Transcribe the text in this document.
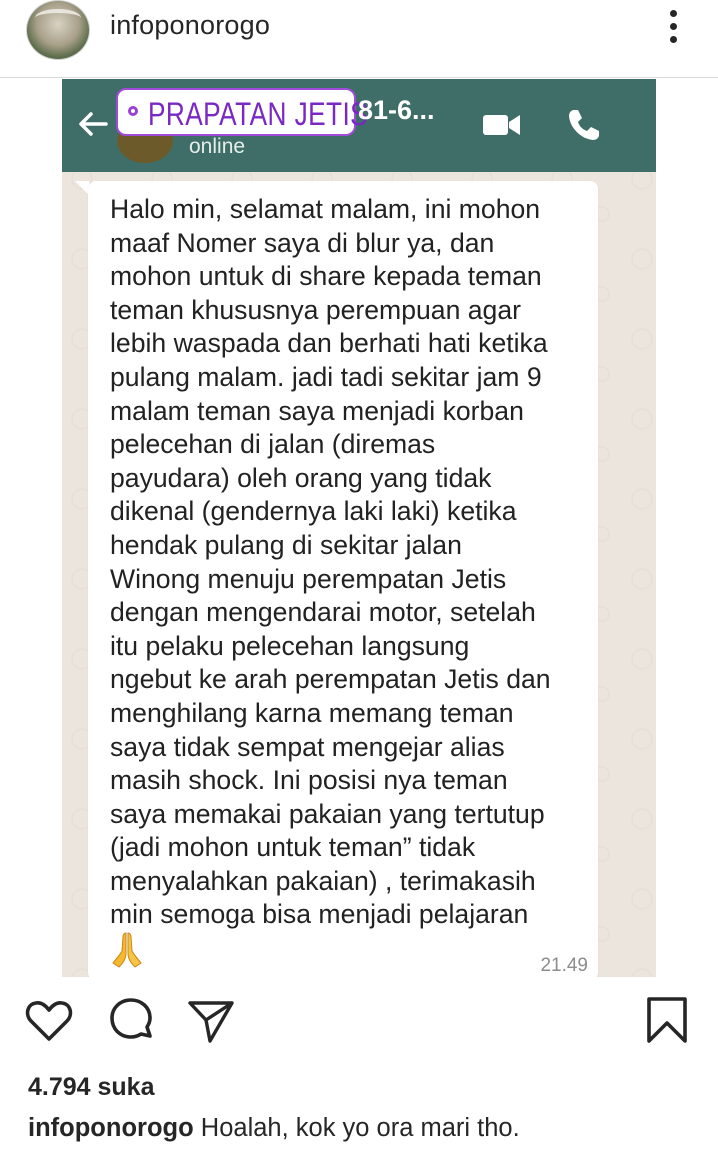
infoponorogo
PRAPATAN JETIS
81-6...
online
Halo min, selamat malam, ini mohon
maaf Nomer saya di blur ya, dan
mohon untuk di share kepada teman
teman khususnya perempuan agar
lebih waspada dan berhati hati ketika
pulang malam. jadi tadi sekitar jam 9
malam teman saya menjadi korban
pelecehan di jalan (diremas
payudara) oleh orang yang tidak
dikenal (gendernya laki laki) ketika
hendak pulang di sekitar jalan
Winong menuju perempatan Jetis
dengan mengendarai motor, setelah
itu pelaku pelecehan langsung
ngebut ke arah perempatan Jetis dan
menghilang karna memang teman
saya tidak sempat mengejar alias
masih shock. Ini posisi nya teman
saya memakai pakaian yang tertutup
(jadi mohon untuk teman” tidak
menyalahkan pakaian) , terimakasih
min semoga bisa menjadi pelajaran
21.49
4.794 suka
infoponorogo Hoalah, kok yo ora mari tho.
